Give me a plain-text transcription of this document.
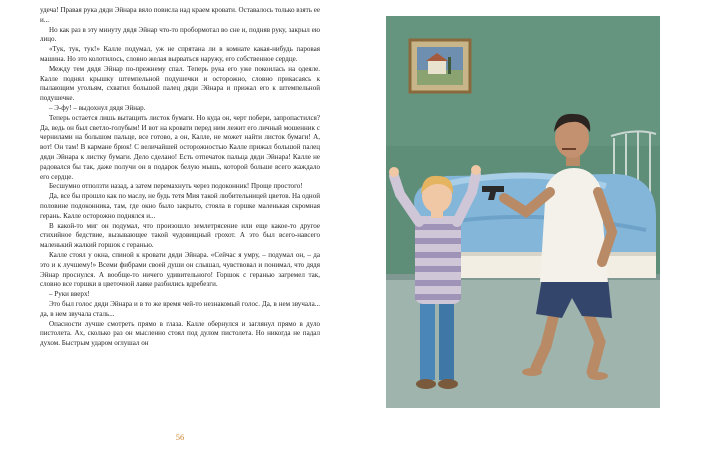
удеча! Правая рука дяди Эйнара вяло повисла над краем кровати. Оставалось только взять ее и...

Но как раз в эту минуту дядя Эйнар что-то пробормотал во сне и, подняв руку, закрыл ею лицо.

«Тук, тук, тук!» Калле подумал, уж не спрятана ли в комнате какая-нибудь паровая машина. Но это колотилось, словно желая вырваться наружу, его собственное сердце.

Между тем дядя Эйнар по-прежнему спал. Теперь рука его уже покоилась на одеяле. Калле поднял крышку штемпельной подушечки и осторожно, словно прикасаясь к пылающим угольям, схватил большой палец дяди Эйнара и прижал его к штемпельной подушечке.

– Э-фу! – выдохнул дядя Эйнар.

Теперь остается лишь вытащить листок бумаги. Но куда он, черт побери, запропастился? Да, ведь он был светло-голубым! И вот на кровати перед ним лежит его личный мошенник с чернилами на большом пальце, все готово, а он, Калле, не может найти листок бумаги! А, вот! Он там! В кармане брюк! С величайшей осторожностью Калле прижал большой палец дяди Эйнара к листку бумаги. Дело сделано! Есть отпечаток пальца дяди Эйнара! Калле не радовался бы так, даже получи он в подарок белую мышь, которой больше всего жаждало его сердце.

Бесшумно отползти назад, а затем перемахнуть через подоконник! Проще простого!

Да, все бы прошло как по маслу, не будь тетя Мия такой любительницей цветов. На одной половине подоконника, там, где окно было закрыто, стояла в горшке маленькая скромная герань. Калле осторожно поднялся и...

В какой-то миг он подумал, что произошло землетрясение или еще какое-то другое стихийное бедствие, вызывающее такой чудовищный грохот. А это был всего-навсего маленький жалкий горшок с геранью.

Калле стоял у окна, спиной к кровати дяди Эйнара. «Сейчас я умру, – подумал он, – да это и к лучшему!» Всеми фибрами своей души он слышал, чувствовал и понимал, что дядя Эйнар проснулся. А вообще-то ничего удивительного! Горшок с геранью загремел так, словно все горшки в цветочной лавке разбились вдребезги.

– Руки вверх!

Это был голос дяди Эйнара и в то же время чей-то незнакомый голос. Да, в нем звучала... да, в нем звучала сталь...

Опасности лучше смотреть прямо в глаза. Калле обернулся и заглянул прямо в дуло пистолета. Ах, сколько раз он мысленно стоял под дулом пистолета. Но никогда не падал духом. Быстрым ударом оглушал он

56
